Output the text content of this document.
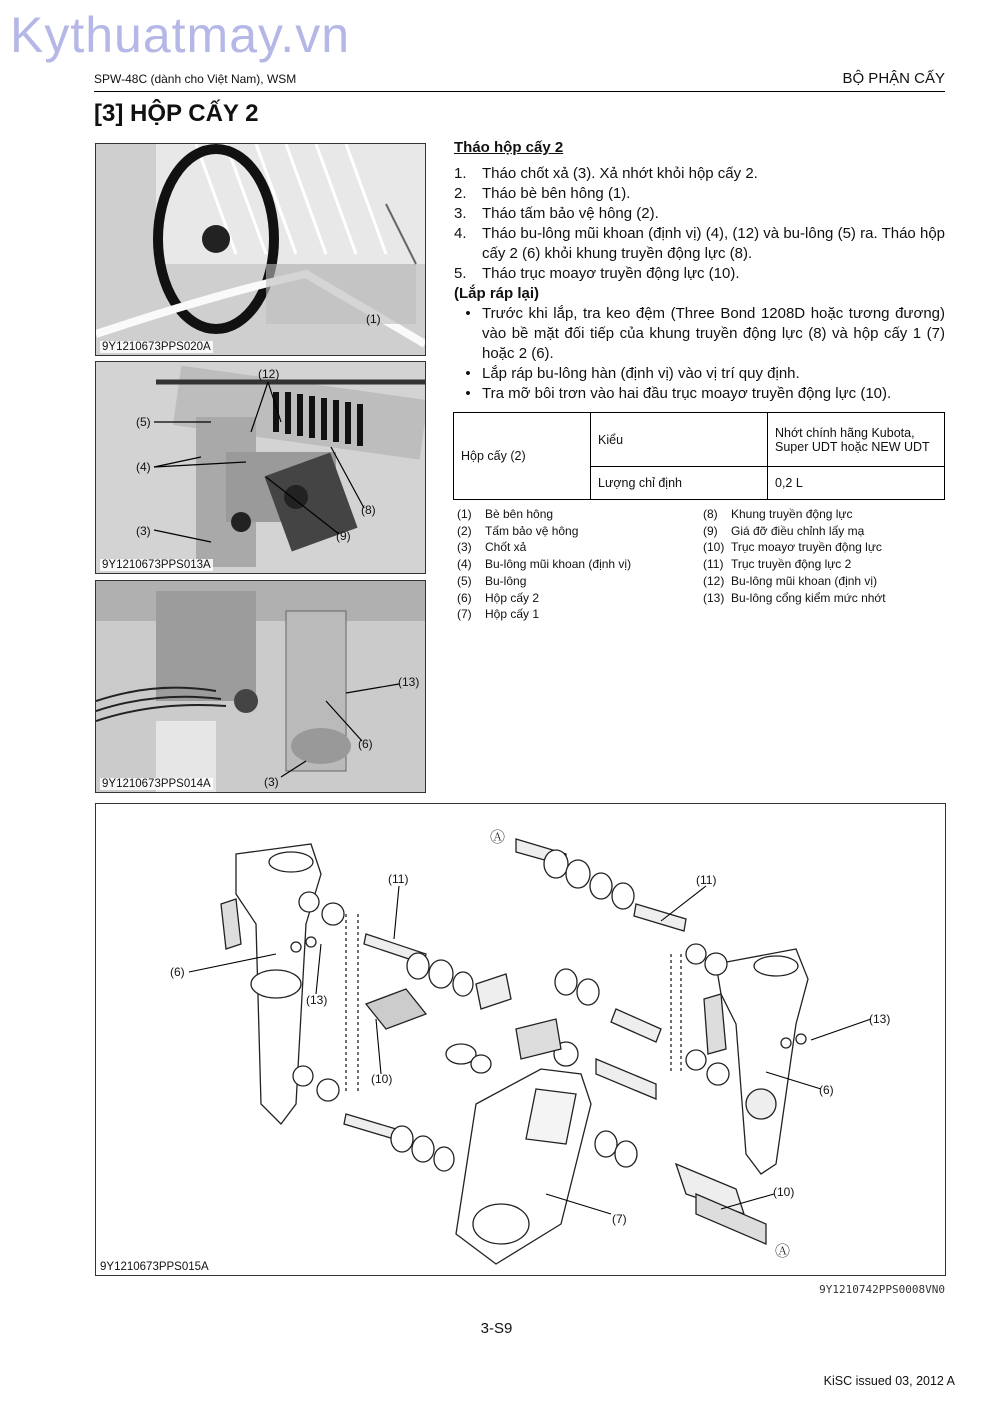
Kythuatmay.vn
SPW-48C (dành cho Việt Nam), WSM	BỘ PHẬN CẤY
[3] HỘP CẤY 2
(1)
9Y1210673PPS020A
(12)
(5)
(4)
(8)
(3)	(9)
9Y1210673PPS013A
(13)
(6)
(3)
9Y1210673PPS014A
Tháo hộp cấy 2
1.	Tháo chốt xả (3). Xả nhớt khỏi hộp cấy 2.
2.	Tháo bè bên hông (1).
3.	Tháo tấm bảo vệ hông (2).
4.	Tháo bu-lông mũi khoan (định vị) (4), (12) và bu-lông (5) ra. Tháo hộp cấy 2 (6) khỏi khung truyền động lực (8).
5.	Tháo trục moayơ truyền động lực (10).
(Lắp ráp lại)
• Trước khi lắp, tra keo đệm (Three Bond 1208D hoặc tương đương) vào bề mặt đối tiếp của khung truyền động lực (8) và hộp cấy 1 (7) hoặc 2 (6).
• Lắp ráp bu-lông hàn (định vị) vào vị trí quy định.
• Tra mỡ bôi trơn vào hai đầu trục moayơ truyền động lực (10).
Hộp cấy (2)	Kiểu	Nhớt chính hãng Kubota, Super UDT hoặc NEW UDT
	Lượng chỉ định	0,2 L
(1)	Bè bên hông
(2)	Tấm bảo vệ hông
(3)	Chốt xả
(4)	Bu-lông mũi khoan (định vị)
(5)	Bu-lông
(6)	Hộp cấy 2
(7)	Hộp cấy 1
(8)	Khung truyền động lực
(9)	Giá đỡ điều chỉnh lấy mạ
(10) Trục moayơ truyền động lực
(11) Trục truyền động lực 2
(12) Bu-lông mũi khoan (định vị)
(13) Bu-lông cổng kiểm mức nhớt
Ⓐ
(11)	(11)
(6)
(13)
(13)
(10)
(6)
(10)
(7)
Ⓐ
9Y1210673PPS015A
9Y1210742PPS0008VN0
3-S9
KiSC issued 03, 2012 A
